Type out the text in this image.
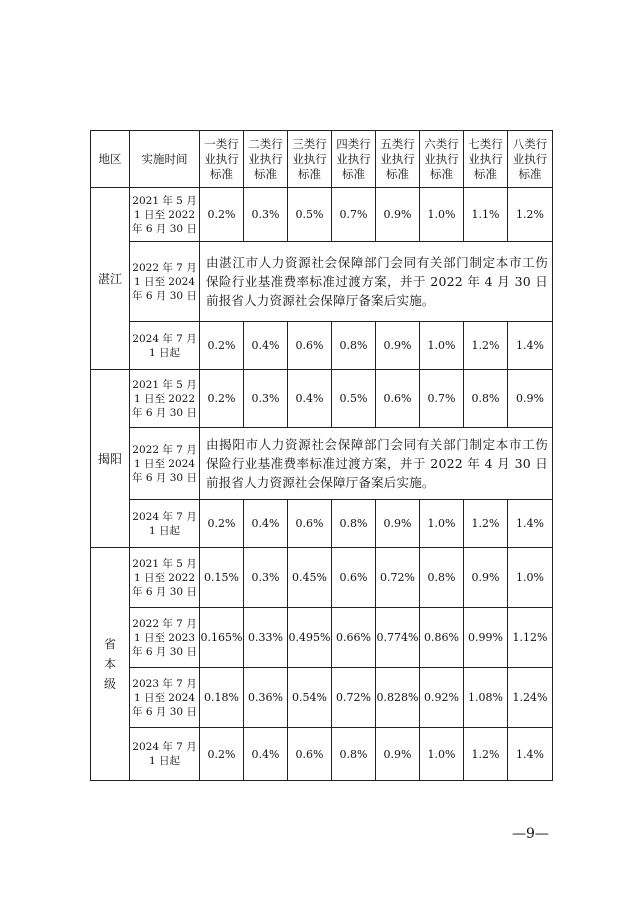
地区	实施时间	一类行
业执行
标准	二类行
业执行
标准	三类行
业执行
标准	四类行
业执行
标准	五类行
业执行
标准	六类行
业执行
标准	七类行
业执行
标准	八类行
业执行
标准

湛江	2021 年 5 月
1 日至 2022
年 6 月 30 日	0.2%	0.3%	0.5%	0.7%	0.9%	1.0%	1.1%	1.2%

	2022 年 7 月
1 日至 2024
年 6 月 30 日	由湛江市人力资源社会保障部门会同有关部门制定本市工伤保险行业基准费率标准过渡方案，并于 2022 年 4 月 30 日前报省人力资源社会保障厅备案后实施。							

	2024 年 7 月
1 日起	0.2%	0.4%	0.6%	0.8%	0.9%	1.0%	1.2%	1.4%
揭阳	2021 年 5 月
1 日至 2022
年 6 月 30 日	0.2%	0.3%	0.4%	0.5%	0.6%	0.7%	0.8%	0.9%

	2022 年 7 月
1 日至 2024
年 6 月 30 日	由揭阳市人力资源社会保障部门会同有关部门制定本市工伤保险行业基准费率标准过渡方案，并于 2022 年 4 月 30 日前报省人力资源社会保障厅备案后实施。							

	2024 年 7 月
1 日起	0.2%	0.4%	0.6%	0.8%	0.9%	1.0%	1.2%	1.4%

省
本
级	2021 年 5 月
1 日至 2022
年 6 月 30 日	0.15%	0.3%	0.45%	0.6%	0.72%	0.8%	0.9%	1.0%

	2022 年 7 月
1 日至 2023
年 6 月 30 日	0.165%	0.33%	0.495%	0.66%	0.774%	0.86%	0.99%	1.12%

	2023 年 7 月
1 日至 2024
年 6 月 30 日	0.18%	0.36%	0.54%	0.72%	0.828%	0.92%	1.08%	1.24%

	2024 年 7 月
1 日起	0.2%	0.4%	0.6%	0.8%	0.9%	1.0%	1.2%	1.4%
—9—
